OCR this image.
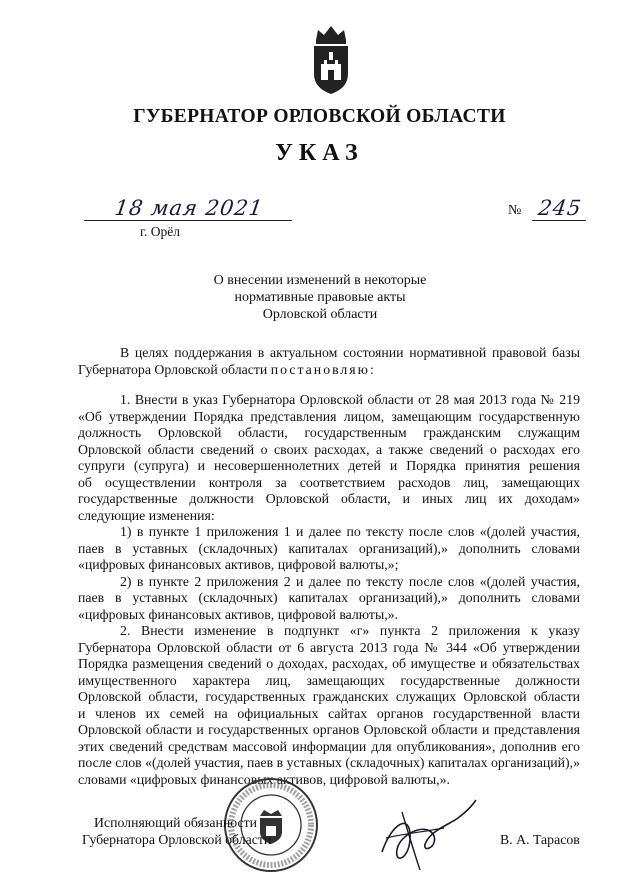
ГУБЕРНАТОР ОРЛОВСКОЙ ОБЛАСТИ
УКАЗ
18 мая 2021
г. Орёл
№ 245
О внесении изменений в некоторые
нормативные правовые акты
Орловской области

В целях поддержания в актуальном состоянии нормативной правовой базы

Губернатора Орловской области постановляю:

1. Внести в указ Губернатора Орловской области от 28 мая 2013 года № 219

«Об утверждении Порядка представления лицом, замещающим государственную

должность Орловской области, государственным гражданским служащим

Орловской области сведений о своих расходах, а также сведений о расходах его

супруги (супруга) и несовершеннолетних детей и Порядка принятия решения

об осуществлении контроля за соответствием расходов лиц, замещающих

государственные должности Орловской области, и иных лиц их доходам»

следующие изменения:

1) в пункте 1 приложения 1 и далее по тексту после слов «(долей участия,

паев в уставных (складочных) капиталах организаций),» дополнить словами

«цифровых финансовых активов, цифровой валюты,»;

2) в пункте 2 приложения 2 и далее по тексту после слов «(долей участия,

паев в уставных (складочных) капиталах организаций),» дополнить словами

«цифровых финансовых активов, цифровой валюты,».

2. Внести изменение в подпункт «г» пункта 2 приложения к указу

Губернатора Орловской области от 6 августа 2013 года № 344 «Об утверждении

Порядка размещения сведений о доходах, расходах, об имуществе и обязательствах

имущественного характера лиц, замещающих государственные должности

Орловской области, государственных гражданских служащих Орловской области

и членов их семей на официальных сайтах органов государственной власти

Орловской области и государственных органов Орловской области и представления

этих сведений средствам массовой информации для опубликования», дополнив его

после слов «(долей участия, паев в уставных (складочных) капиталах организаций),»

словами «цифровых финансовых активов, цифровой валюты,».

Исполняющий обязанности
Губернатора Орловской области	В. А. Тарасов
